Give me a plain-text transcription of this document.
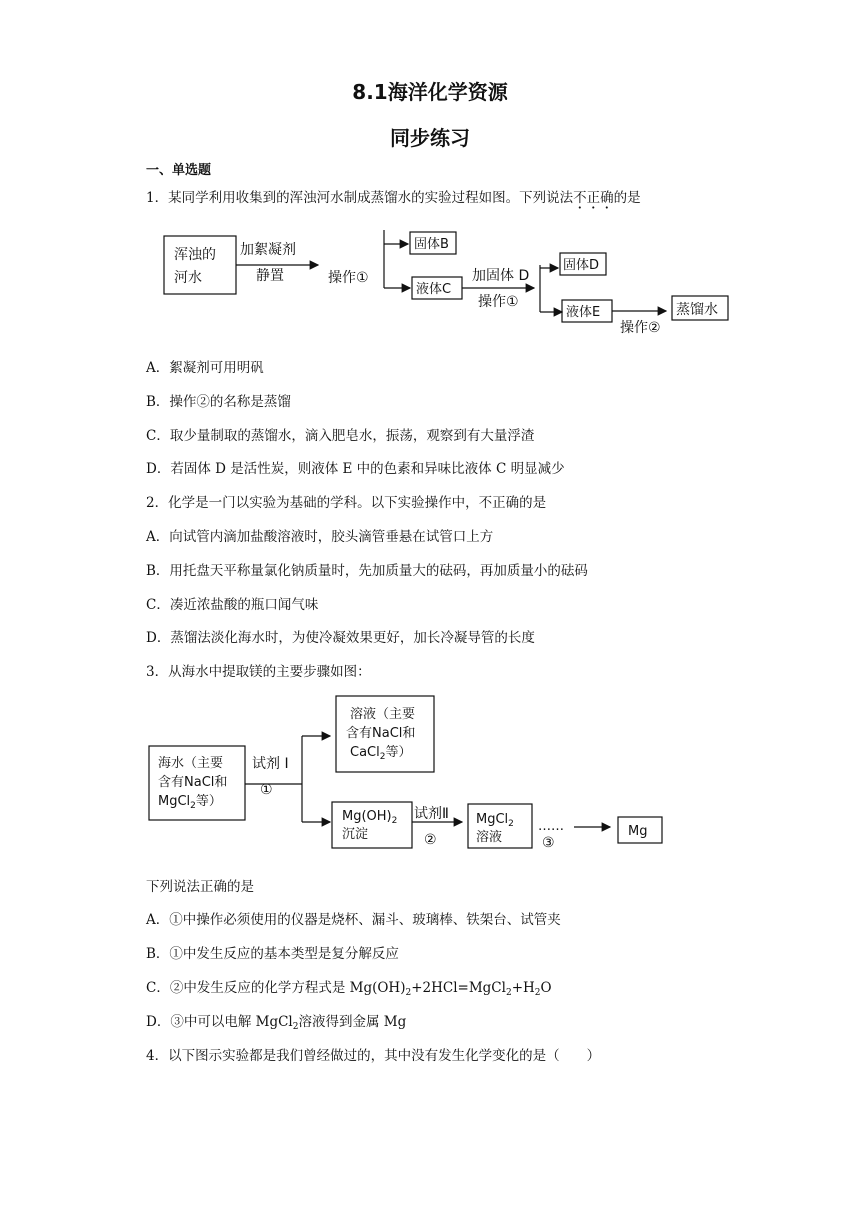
8.1海洋化学资源
同步练习
一、单选题
1．某同学利用收集到的浑浊河水制成蒸馏水的实验过程如图。下列说法不正确的是
浑浊的
河水
加絮凝剂
静置	操作①
固体B
液体C
加固体 D
操作①
固体D
液体E	蒸馏水
操作②
A．絮凝剂可用明矾
B．操作②的名称是蒸馏
C．取少量制取的蒸馏水，滴入肥皂水，振荡，观察到有大量浮渣
D．若固体 D 是活性炭，则液体 E 中的色素和异味比液体 C 明显减少
2．化学是一门以实验为基础的学科。以下实验操作中，不正确的是
A．向试管内滴加盐酸溶液时，胶头滴管垂悬在试管口上方
B．用托盘天平称量氯化钠质量时，先加质量大的砝码，再加质量小的砝码
C．凑近浓盐酸的瓶口闻气味
D．蒸馏法淡化海水时，为使冷凝效果更好，加长冷凝导管的长度
3．从海水中提取镁的主要步骤如图：
海水（主要
含有NaCl和
MgCl$_2$等）
溶液（主要
含有NaCl和
CaCl$_2$等）
试剂 Ⅰ
①
$Mg(OH)_2$
沉淀
试剂Ⅱ
②
MgCl$_2$
溶液
……
③
Mg
下列说法正确的是
A．①中操作必须使用的仪器是烧杯、漏斗、玻璃棒、铁架台、试管夹
B．①中发生反应的基本类型是复分解反应
C．②中发生反应的化学方程式是 $Mg(OH)_2+2HCl=MgCl_2+H_2O$
D．③中可以电解 MgCl$_2$溶液得到金属 Mg
4．以下图示实验都是我们曾经做过的，其中没有发生化学变化的是（　　）
